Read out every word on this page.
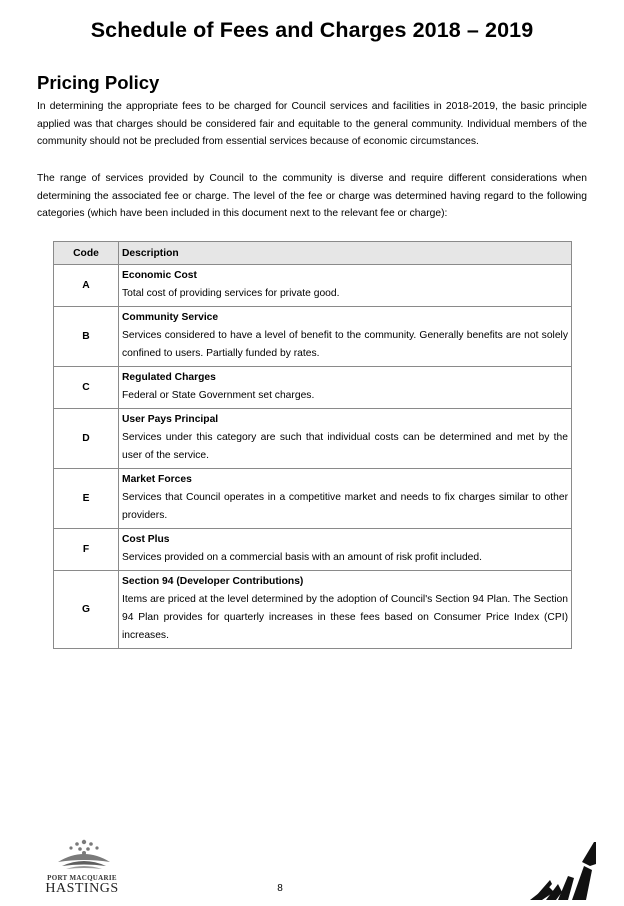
Schedule of Fees and Charges 2018 – 2019
Pricing Policy
In determining the appropriate fees to be charged for Council services and facilities in 2018-2019, the basic principle applied was that charges should be considered fair and equitable to the general community. Individual members of the community should not be precluded from essential services because of economic circumstances.
The range of services provided by Council to the community is diverse and require different considerations when determining the associated fee or charge. The level of the fee or charge was determined having regard to the following categories (which have been included in this document next to the relevant fee or charge):
Code	Description
A	Economic Cost
Total cost of providing services for private good.

B	Community Service
Services considered to have a level of benefit to the community. Generally benefits are not solely confined to users. Partially funded by rates.

C	Regulated Charges
Federal or State Government set charges.

D	User Pays Principal
Services under this category are such that individual costs can be determined and met by the user of the service.

E	Market Forces
Services that Council operates in a competitive market and needs to fix charges similar to other providers.

F	Cost Plus
Services provided on a commercial basis with an amount of risk profit included.

G	Section 94 (Developer Contributions)
Items are priced at the level determined by the adoption of Council's Section 94 Plan. The Section 94 Plan provides for quarterly increases in these fees based on Consumer Price Index (CPI) increases.
PORT MACQUARIE
HASTINGS	8
